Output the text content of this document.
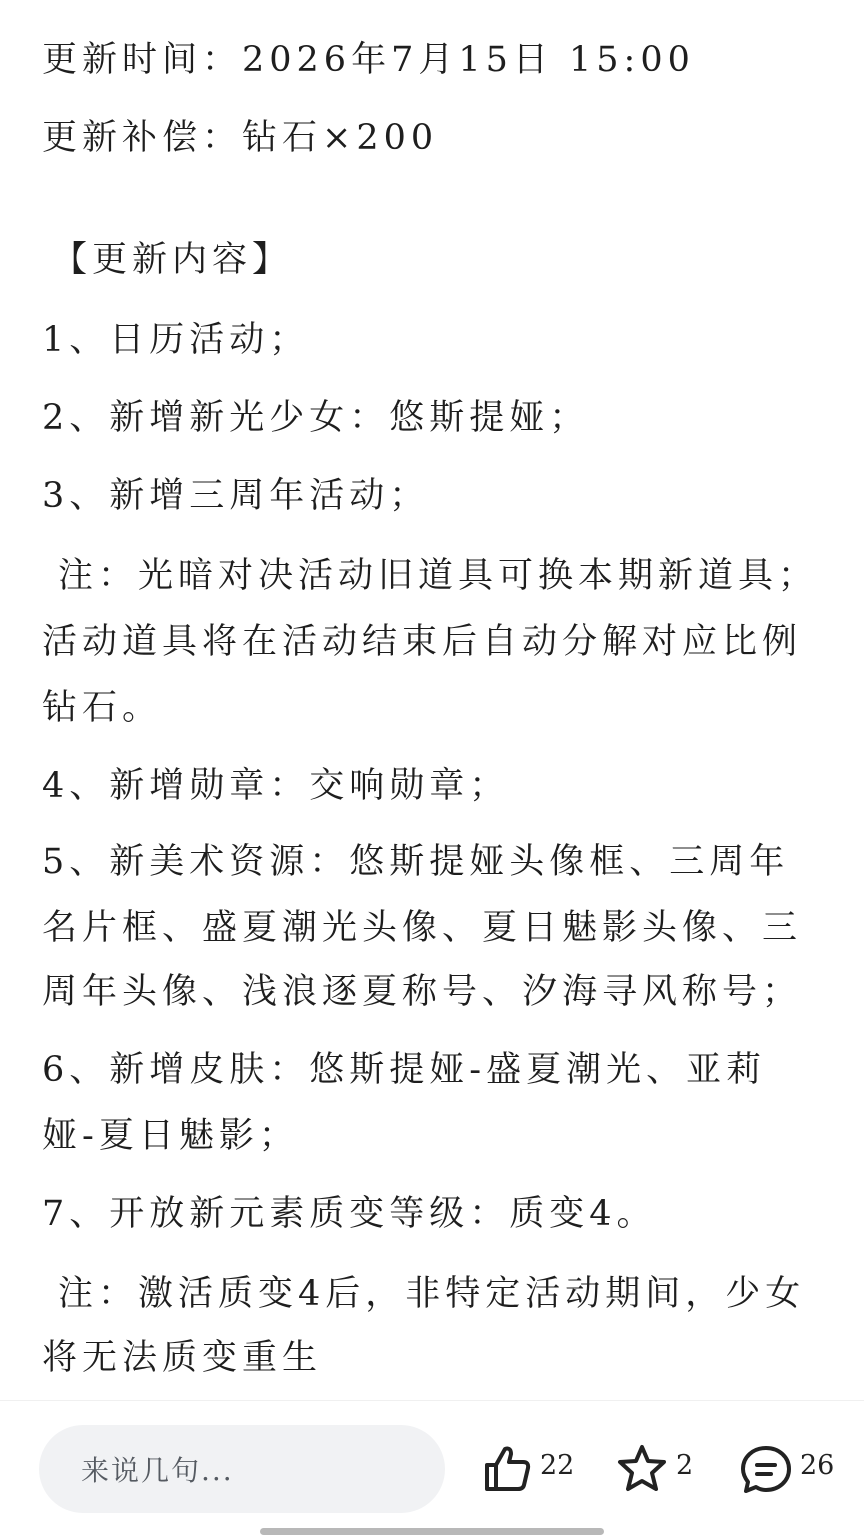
更新时间：2026年7月15日 15:00
更新补偿：钻石×200
【更新内容】
1、日历活动；
2、新增新光少女：悠斯提娅；
3、新增三周年活动；
注：光暗对决活动旧道具可换本期新道具；
活动道具将在活动结束后自动分解对应比例
钻石。
4、新增勋章：交响勋章；
5、新美术资源：悠斯提娅头像框、三周年
名片框、盛夏潮光头像、夏日魅影头像、三
周年头像、浅浪逐夏称号、汐海寻风称号；
6、新增皮肤：悠斯提娅-盛夏潮光、亚莉
娅-夏日魅影；
7、开放新元素质变等级：质变4。
注：激活质变4后，非特定活动期间，少女
将无法质变重生
来说几句...	22	2	26
